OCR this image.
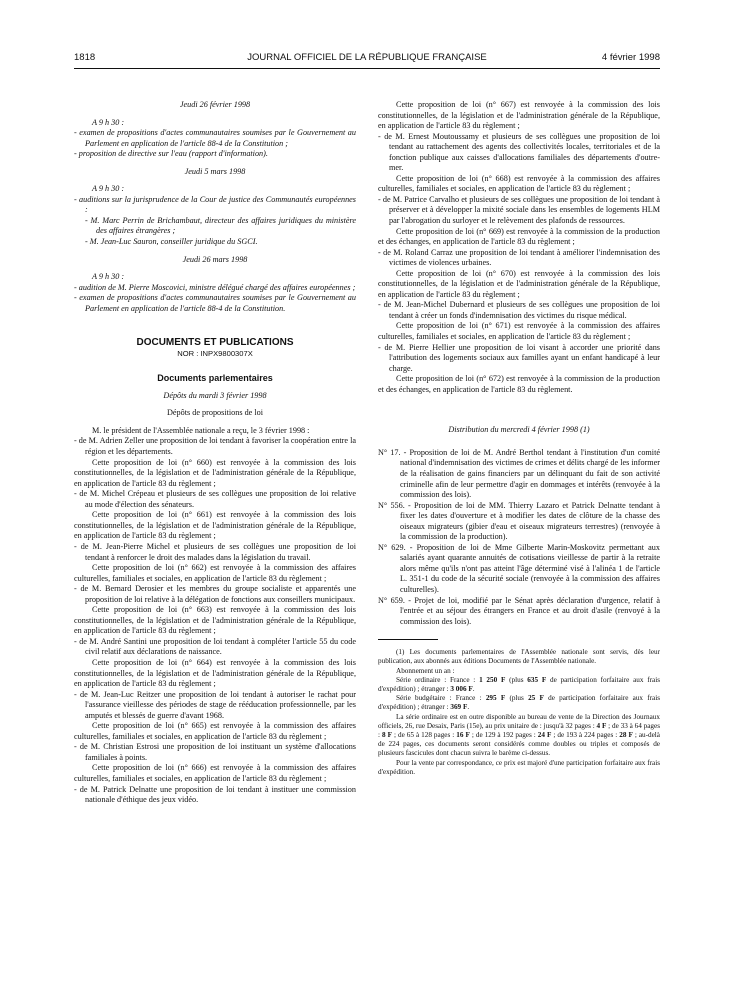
1818	JOURNAL OFFICIEL DE LA RÉPUBLIQUE FRANÇAISE	4 février 1998
Jeudi 26 février 1998
A 9 h 30 :
- examen de propositions d'actes communautaires soumises par le Gouvernement au Parlement en application de l'article 88-4 de la Constitution ;
- proposition de directive sur l'eau (rapport d'information).
Jeudi 5 mars 1998
A 9 h 30 :
- auditions sur la jurisprudence de la Cour de justice des Communautés européennes :
- M. Marc Perrin de Brichambaut, directeur des affaires juridiques du ministère des affaires étrangères ;
- M. Jean-Luc Sauron, conseiller juridique du SGCI.
Jeudi 26 mars 1998
A 9 h 30 :
- audition de M. Pierre Moscovici, ministre délégué chargé des affaires européennes ;
- examen de propositions d'actes communautaires soumises par le Gouvernement au Parlement en application de l'article 88-4 de la Constitution.
DOCUMENTS ET PUBLICATIONS
NOR : INPX9800307X
Documents parlementaires
Dépôts du mardi 3 février 1998
Dépôts de propositions de loi
M. le président de l'Assemblée nationale a reçu, le 3 février 1998 :
- de M. Adrien Zeller une proposition de loi tendant à favoriser la coopération entre la région et les départements.
Cette proposition de loi (n° 660) est renvoyée à la commission des lois constitutionnelles, de la législation et de l'administration générale de la République, en application de l'article 83 du règlement ;
- de M. Michel Crépeau et plusieurs de ses collègues une proposition de loi relative au mode d'élection des sénateurs.
Cette proposition de loi (n° 661) est renvoyée à la commission des lois constitutionnelles, de la législation et de l'administration générale de la République, en application de l'article 83 du règlement ;
- de M. Jean-Pierre Michel et plusieurs de ses collègues une proposition de loi tendant à renforcer le droit des malades dans la législation du travail.
Cette proposition de loi (n° 662) est renvoyée à la commission des affaires culturelles, familiales et sociales, en application de l'article 83 du règlement ;
- de M. Bernard Derosier et les membres du groupe socialiste et apparentés une proposition de loi relative à la délégation de fonctions aux conseillers municipaux.
Cette proposition de loi (n° 663) est renvoyée à la commission des lois constitutionnelles, de la législation et de l'administration générale de la République, en application de l'article 83 du règlement ;
- de M. André Santini une proposition de loi tendant à compléter l'article 55 du code civil relatif aux déclarations de naissance.
Cette proposition de loi (n° 664) est renvoyée à la commission des lois constitutionnelles, de la législation et de l'administration générale de la République, en application de l'article 83 du règlement ;
- de M. Jean-Luc Reitzer une proposition de loi tendant à autoriser le rachat pour l'assurance vieillesse des périodes de stage de rééducation professionnelle, par les amputés et blessés de guerre d'avant 1968.
Cette proposition de loi (n° 665) est renvoyée à la commission des affaires culturelles, familiales et sociales, en application de l'article 83 du règlement ;
- de M. Christian Estrosi une proposition de loi instituant un système d'allocations familiales à points.
Cette proposition de loi (n° 666) est renvoyée à la commission des affaires culturelles, familiales et sociales, en application de l'article 83 du règlement ;
- de M. Patrick Delnatte une proposition de loi tendant à instituer une commission nationale d'éthique des jeux vidéo.
Cette proposition de loi (n° 667) est renvoyée à la commission des lois constitutionnelles, de la législation et de l'administration générale de la République, en application de l'article 83 du règlement ;
- de M. Ernest Moutoussamy et plusieurs de ses collègues une proposition de loi tendant au rattachement des agents des collectivités locales, territoriales et de la fonction publique aux caisses d'allocations familiales des départements d'outre-mer.
Cette proposition de loi (n° 668) est renvoyée à la commission des affaires culturelles, familiales et sociales, en application de l'article 83 du règlement ;
- de M. Patrice Carvalho et plusieurs de ses collègues une proposition de loi tendant à préserver et à développer la mixité sociale dans les ensembles de logements HLM par l'abrogation du surloyer et le relèvement des plafonds de ressources.
Cette proposition de loi (n° 669) est renvoyée à la commission de la production et des échanges, en application de l'article 83 du règlement ;
- de M. Roland Carraz une proposition de loi tendant à améliorer l'indemnisation des victimes de violences urbaines.
Cette proposition de loi (n° 670) est renvoyée à la commission des lois constitutionnelles, de la législation et de l'administration générale de la République, en application de l'article 83 du règlement ;
- de M. Jean-Michel Dubernard et plusieurs de ses collègues une proposition de loi tendant à créer un fonds d'indemnisation des victimes du risque médical.
Cette proposition de loi (n° 671) est renvoyée à la commission des affaires culturelles, familiales et sociales, en application de l'article 83 du règlement ;
- de M. Pierre Hellier une proposition de loi visant à accorder une priorité dans l'attribution des logements sociaux aux familles ayant un enfant handicapé à leur charge.
Cette proposition de loi (n° 672) est renvoyée à la commission de la production et des échanges, en application de l'article 83 du règlement.
Distribution du mercredi 4 février 1998 (1)
N° 17. - Proposition de loi de M. André Berthol tendant à l'institution d'un comité national d'indemnisation des victimes de crimes et délits chargé de les informer de la réalisation de gains financiers par un délinquant du fait de son activité criminelle afin de leur permettre d'agir en dommages et intérêts (renvoyée à la commission des lois).
N° 556. - Proposition de loi de MM. Thierry Lazaro et Patrick Delnatte tendant à fixer les dates d'ouverture et à modifier les dates de clôture de la chasse des oiseaux migrateurs (gibier d'eau et oiseaux migrateurs terrestres) (renvoyée à la commission de la production).
N° 629. - Proposition de loi de Mme Gilberte Marin-Moskovitz permettant aux salariés ayant quarante annuités de cotisations vieillesse de partir à la retraite alors même qu'ils n'ont pas atteint l'âge déterminé visé à l'alinéa 1 de l'article L. 351-1 du code de la sécurité sociale (renvoyée à la commission des affaires culturelles).
N° 659. - Projet de loi, modifié par le Sénat après déclaration d'urgence, relatif à l'entrée et au séjour des étrangers en France et au droit d'asile (renvoyé à la commission des lois).
(1) Les documents parlementaires de l'Assemblée nationale sont servis, dès leur publication, aux abonnés aux éditions Documents de l'Assemblée nationale.
Abonnement un an :
Série ordinaire : France : 1 250 F (plus 635 F de participation forfaitaire aux frais d'expédition) ; étranger : 3 006 F.
Série budgétaire : France : 295 F (plus 25 F de participation forfaitaire aux frais d'expédition) ; étranger : 369 F.
La série ordinaire est en outre disponible au bureau de vente de la Direction des Journaux officiels, 26, rue Desaix, Paris (15e), au prix unitaire de : jusqu'à 32 pages : 4 F ; de 33 à 64 pages : 8 F ; de 65 à 128 pages : 16 F ; de 129 à 192 pages : 24 F ; de 193 à 224 pages : 28 F ; au-delà de 224 pages, ces documents seront considérés comme doubles ou triples et composés de plusieurs fascicules dont chacun suivra le barème ci-dessus.
Pour la vente par correspondance, ce prix est majoré d'une participation forfaitaire aux frais d'expédition.
